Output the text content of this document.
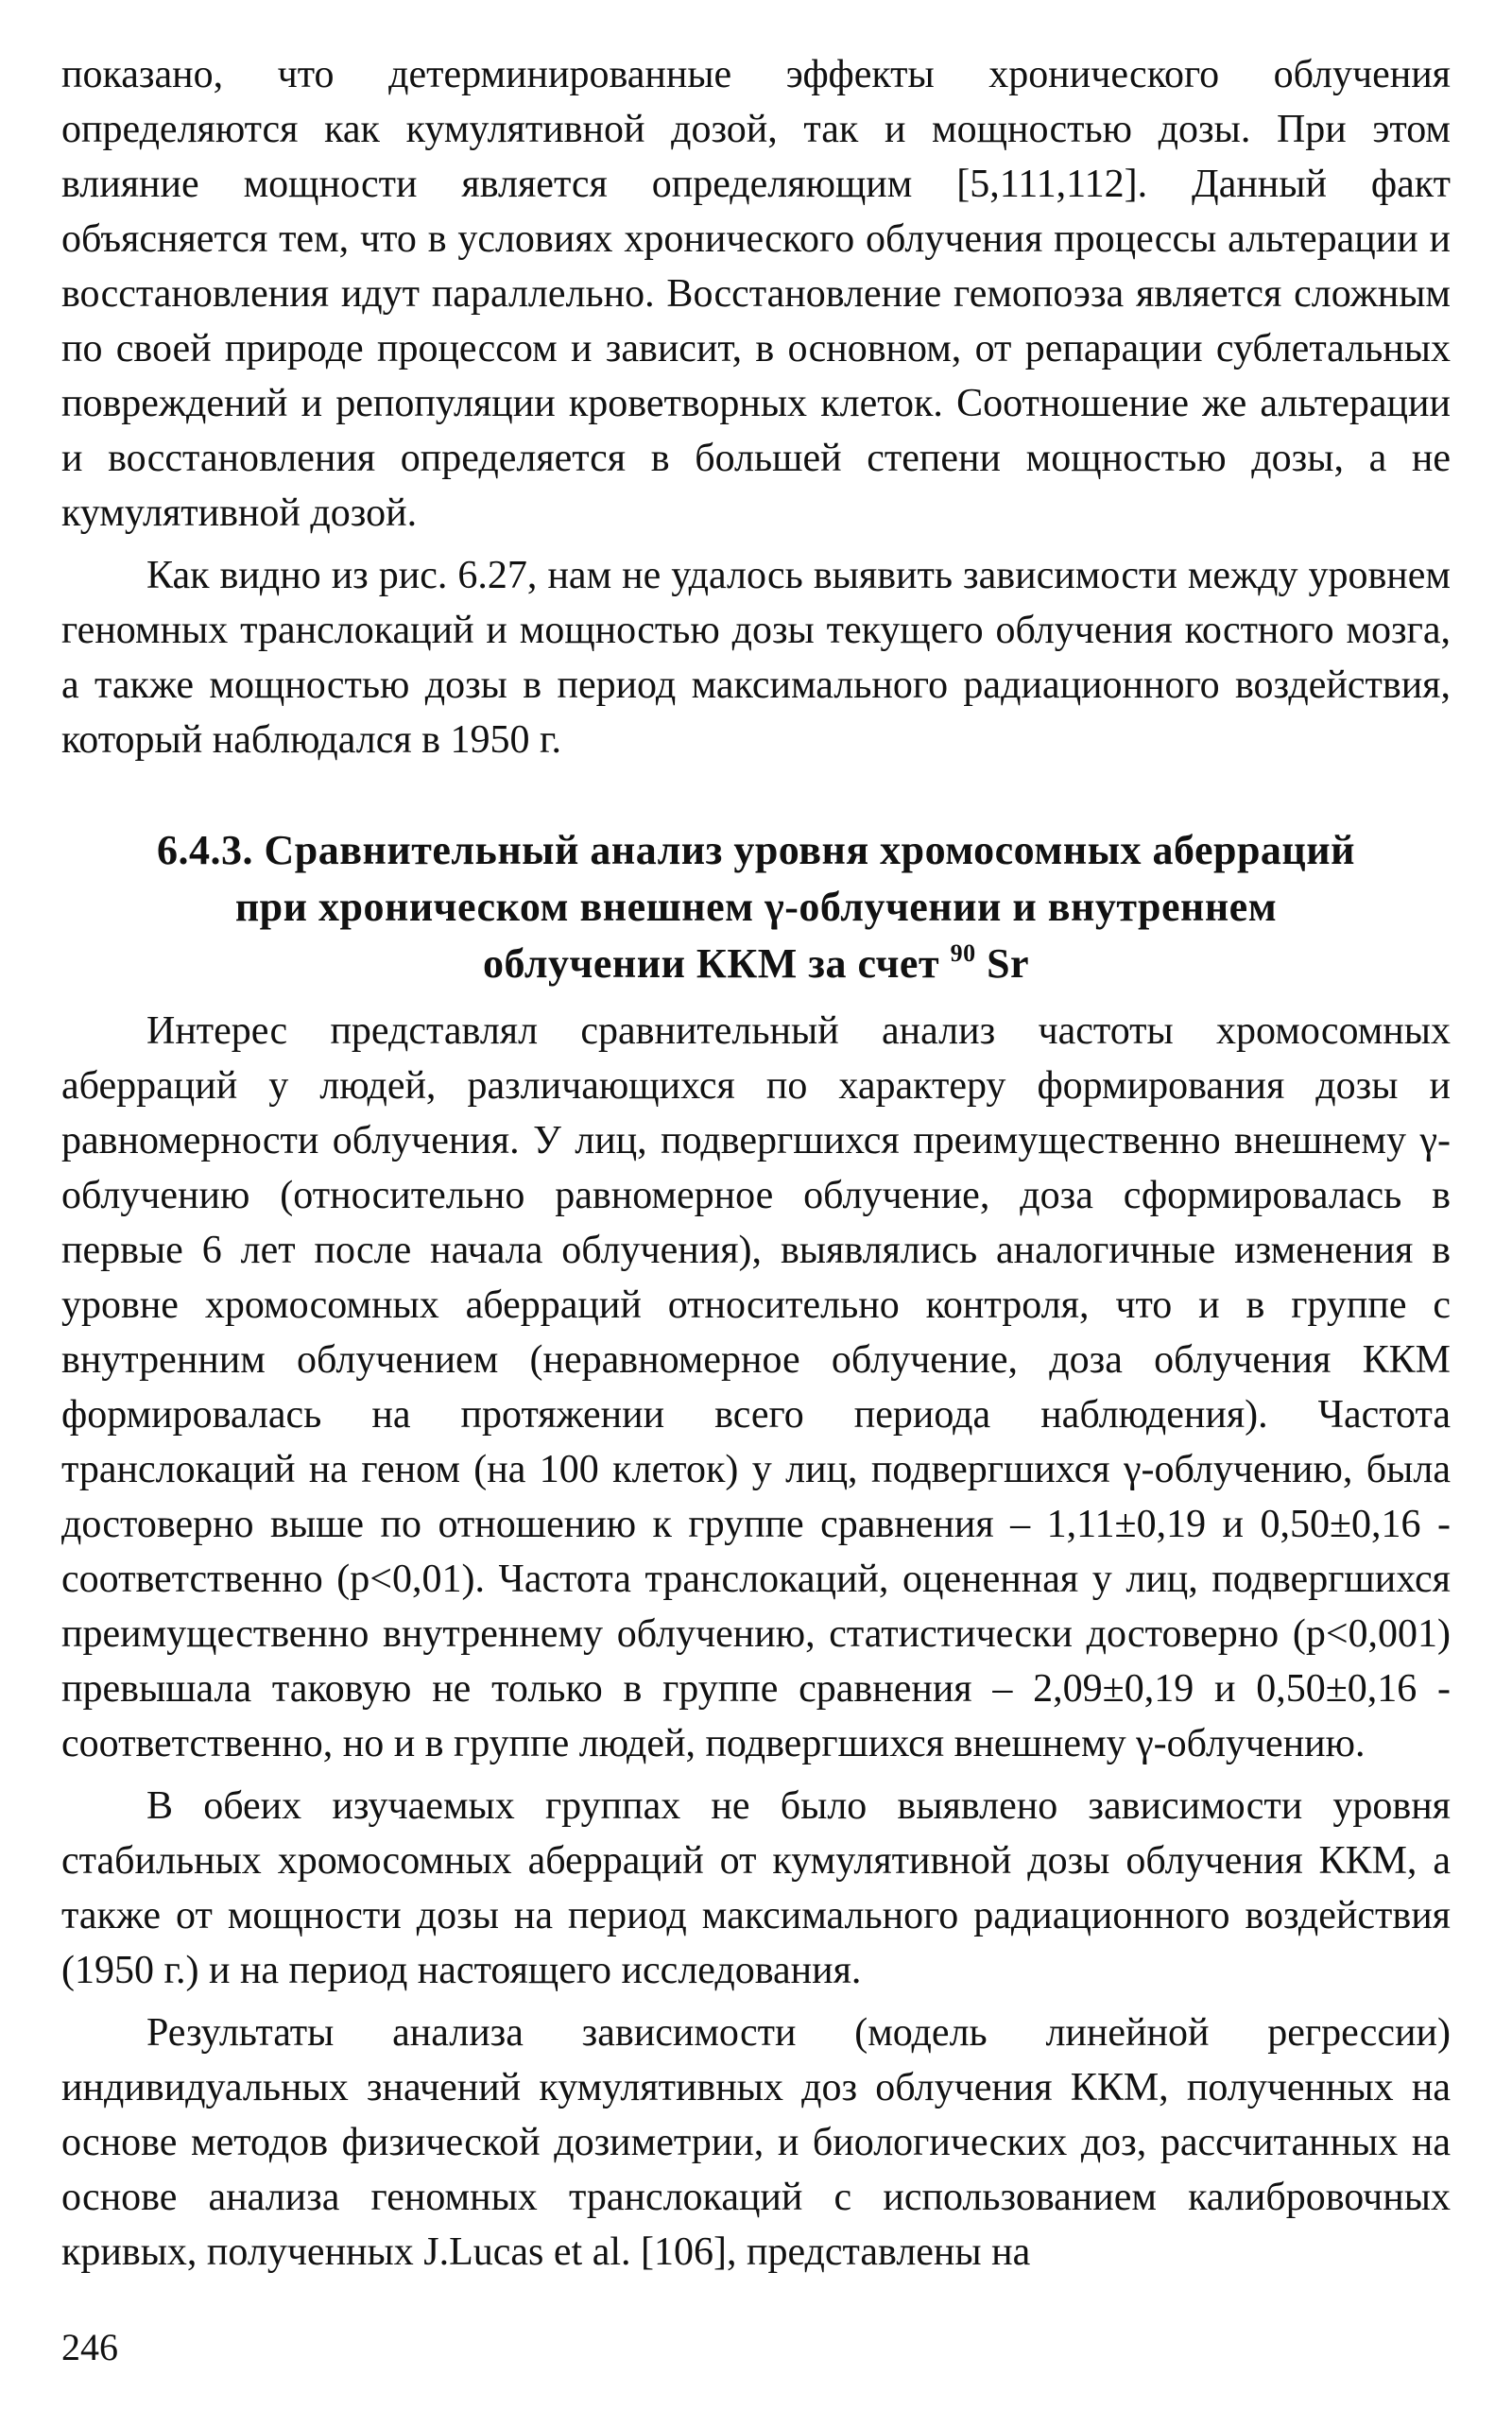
показано, что детерминированные эффекты хронического облучения определяются как кумулятивной дозой, так и мощностью дозы. При этом влияние мощности является определяющим [5,111,112]. Данный факт объясняется тем, что в условиях хронического облучения процессы альтерации и восстановления идут параллельно. Восстановление гемопоэза является сложным по своей природе процессом и зависит, в основном, от репарации сублетальных повреждений и репопуляции кроветворных клеток. Соотношение же альтерации и восстановления определяется в большей степени мощностью дозы, а не кумулятивной дозой.

Как видно из рис. 6.27, нам не удалось выявить зависимости между уровнем геномных транслокаций и мощностью дозы текущего облучения костного мозга, а также мощностью дозы в период максимального радиационного воздействия, который наблюдался в 1950 г.

6.4.3. Сравнительный анализ уровня хромосомных аберраций
при хроническом внешнем γ-облучении и внутреннем
облучении ККМ за счет $^{90}$ Sr

Интерес представлял сравнительный анализ частоты хромосомных аберраций у людей, различающихся по характеру формирования дозы и равномерности облучения. У лиц, подвергшихся преимущественно внешнему γ-облучению (относительно равномерное облучение, доза сформировалась в первые 6 лет после начала облучения), выявлялись аналогичные изменения в уровне хромосомных аберраций относительно контроля, что и в группе с внутренним облучением (неравномерное облучение, доза облучения ККМ формировалась на протяжении всего периода наблюдения). Частота транслокаций на геном (на 100 клеток) у лиц, подвергшихся γ-облучению, была достоверно выше по отношению к группе сравнения – 1,11±0,19 и 0,50±0,16 - соответственно (p<0,01). Частота транслокаций, оцененная у лиц, подвергшихся преимущественно внутреннему облучению, статистически достоверно (p<0,001) превышала таковую не только в группе сравнения – 2,09±0,19 и 0,50±0,16 - соответственно, но и в группе людей, подвергшихся внешнему γ-облучению.

В обеих изучаемых группах не было выявлено зависимости уровня стабильных хромосомных аберраций от кумулятивной дозы облучения ККМ, а также от мощности дозы на период максимального радиационного воздействия (1950 г.) и на период настоящего исследования.

Результаты анализа зависимости (модель линейной регрессии) индивидуальных значений кумулятивных доз облучения ККМ, полученных на основе методов физической дозиметрии, и биологических доз, рассчитанных на основе анализа геномных транслокаций с использованием калибровочных кривых, полученных J.Lucas et al. [106], представлены на

246
